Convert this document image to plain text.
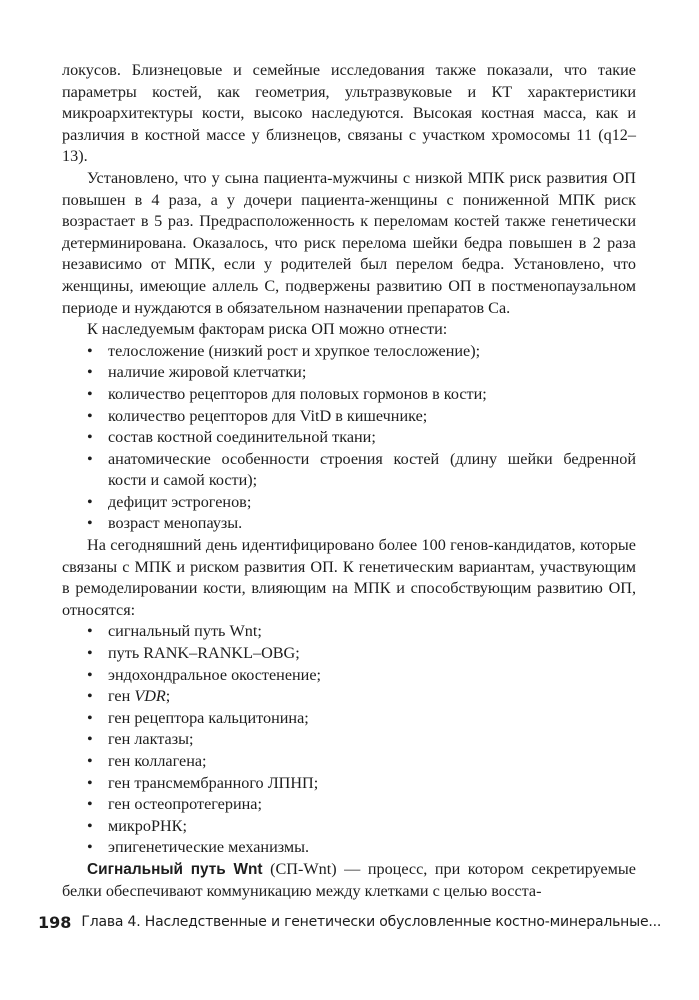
локусов. Близнецовые и семейные исследования также показали, что такие параметры костей, как геометрия, ультразвуковые и КТ характеристики микроархитектуры кости, высоко наследуются. Высокая костная масса, как и различия в костной массе у близнецов, связаны с участком хромосомы 11 (q12–13).

Установлено, что у сына пациента-мужчины с низкой МПК риск развития ОП повышен в 4 раза, а у дочери пациента-женщины с пониженной МПК риск возрастает в 5 раз. Предрасположенность к переломам костей также генетически детерминирована. Оказалось, что риск перелома шейки бедра повышен в 2 раза независимо от МПК, если у родителей был перелом бедра. Установлено, что женщины, имеющие аллель С, подвержены развитию ОП в постменопаузальном периоде и нуждаются в обязательном назначении препаратов Са.

К наследуемым факторам риска ОП можно отнести:

• телосложение (низкий рост и хрупкое телосложение);
• наличие жировой клетчатки;
• количество рецепторов для половых гормонов в кости;
• количество рецепторов для VitD в кишечнике;
• состав костной соединительной ткани;
• анатомические особенности строения костей (длину шейки бедренной кости и самой кости);
• дефицит эстрогенов;
• возраст менопаузы.

На сегодняшний день идентифицировано более 100 генов-кандидатов, которые связаны с МПК и риском развития ОП. К генетическим вариантам, участвующим в ремоделировании кости, влияющим на МПК и способствующим развитию ОП, относятся:

• сигнальный путь Wnt;
• путь RANK–RANKL–OBG;
• эндохондральное окостенение;
• ген VDR;
• ген рецептора кальцитонина;
• ген лактазы;
• ген коллагена;
• ген трансмембранного ЛПНП;
• ген остеопротегерина;
• микроРНК;
• эпигенетические механизмы.

Сигнальный путь Wnt (СП-Wnt) — процесс, при котором секретируемые белки обеспечивают коммуникацию между клетками с целью восста-

198 Глава 4. Наследственные и генетически обусловленные костно-минеральные...
